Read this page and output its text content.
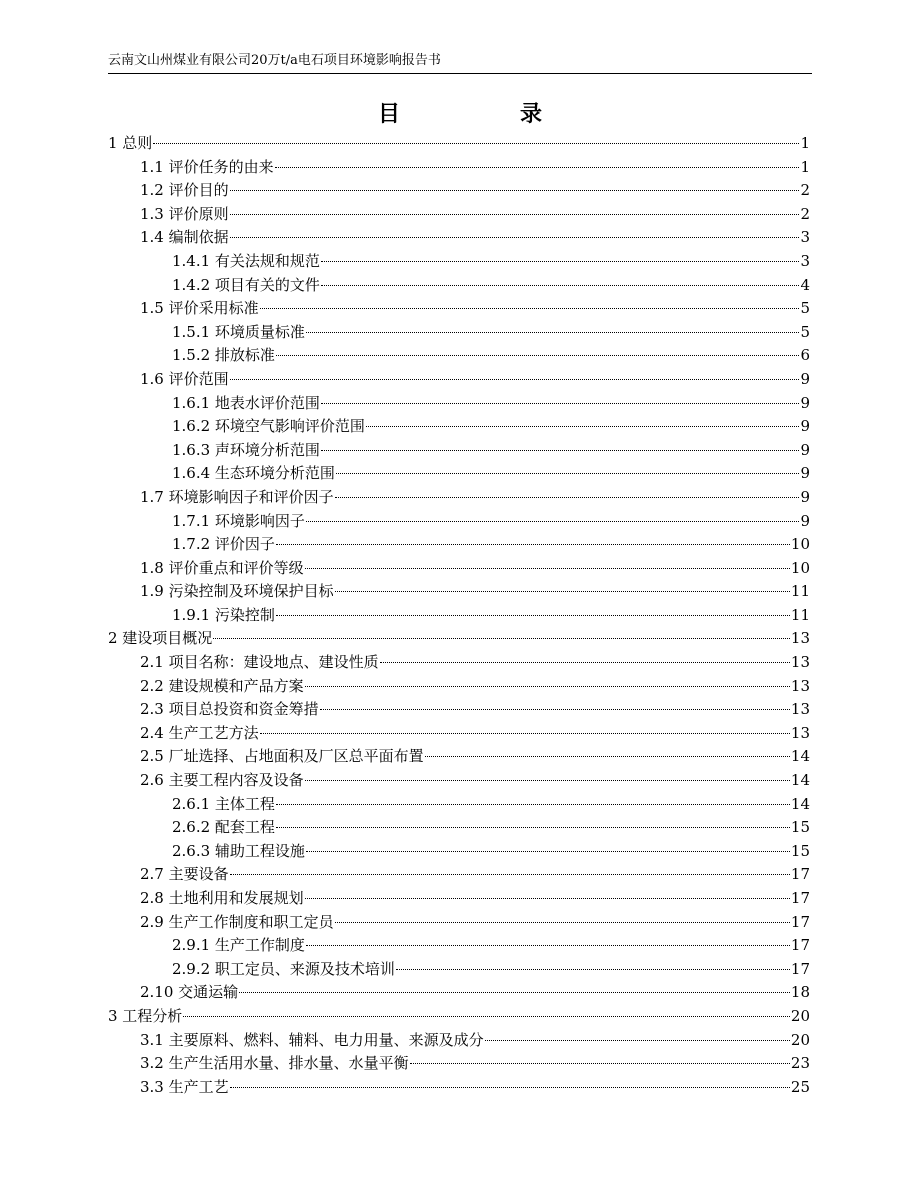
云南文山州煤业有限公司20万t/a电石项目环境影响报告书
目	录
1 总则	1
1.1 评价任务的由来	1
1.2 评价目的	2
1.3 评价原则	2
1.4 编制依据	3
1.4.1 有关法规和规范	3
1.4.2 项目有关的文件	4
1.5 评价采用标准	5
1.5.1 环境质量标准	5
1.5.2 排放标准	6
1.6 评价范围	9
1.6.1 地表水评价范围	9
1.6.2 环境空气影响评价范围	9
1.6.3 声环境分析范围	9
1.6.4 生态环境分析范围	9
1.7 环境影响因子和评价因子	9
1.7.1 环境影响因子	9
1.7.2 评价因子	10
1.8 评价重点和评价等级	10
1.9 污染控制及环境保护目标	11
1.9.1 污染控制	11
2 建设项目概况	13
2.1 项目名称：建设地点、建设性质	13
2.2 建设规模和产品方案	13
2.3 项目总投资和资金筹措	13
2.4 生产工艺方法	13
2.5 厂址选择、占地面积及厂区总平面布置	14
2.6 主要工程内容及设备	14
2.6.1 主体工程	14
2.6.2 配套工程	15
2.6.3 辅助工程设施	15
2.7 主要设备	17
2.8 土地利用和发展规划	17
2.9 生产工作制度和职工定员	17
2.9.1 生产工作制度	17
2.9.2 职工定员、来源及技术培训	17
2.10 交通运输	18
3 工程分析	20
3.1 主要原料、燃料、辅料、电力用量、来源及成分	20
3.2 生产生活用水量、排水量、水量平衡	23
3.3 生产工艺	25
